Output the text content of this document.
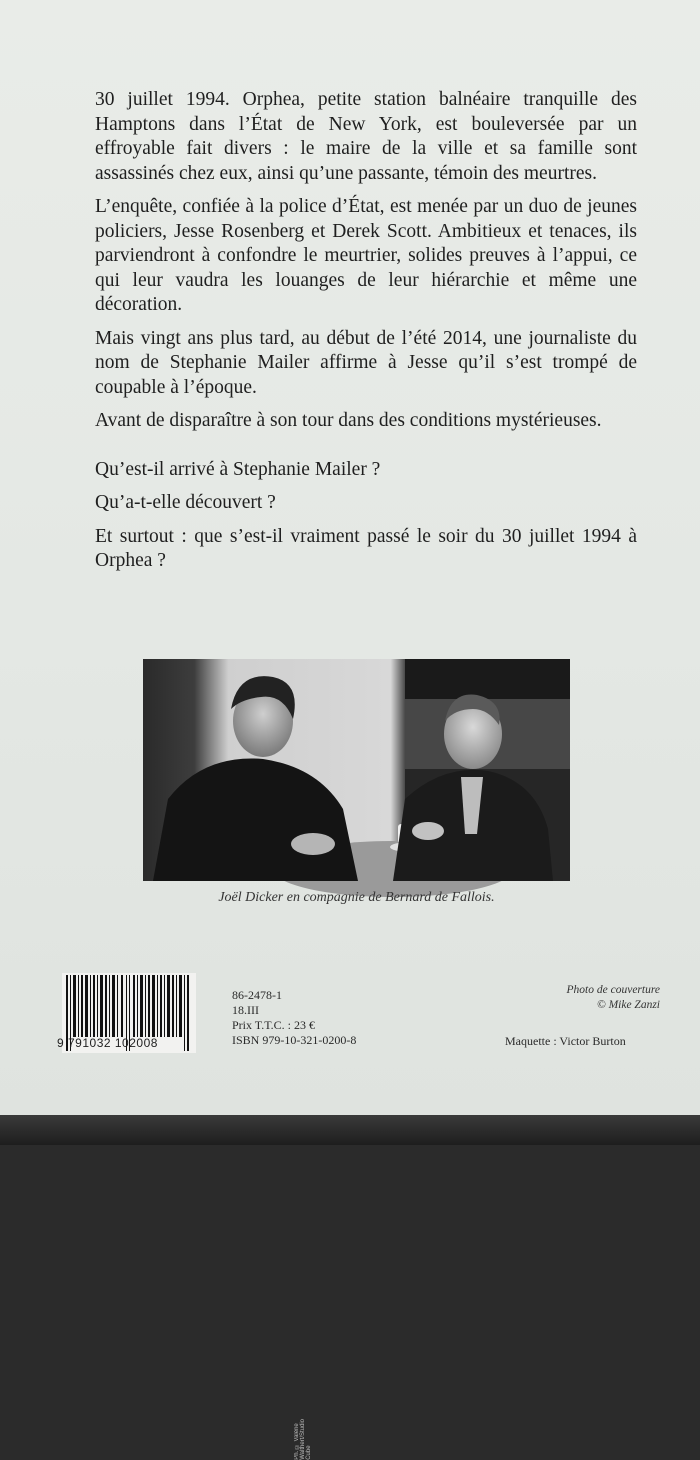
30 juillet 1994. Orphea, petite station balnéaire tranquille des Hamptons dans l’État de New York, est bouleversée par un effroyable fait divers : le maire de la ville et sa famille sont assassinés chez eux, ainsi qu’une passante, témoin des meurtres.

L’enquête, confiée à la police d’État, est menée par un duo de jeunes policiers, Jesse Rosenberg et Derek Scott. Ambitieux et tenaces, ils parviendront à confondre le meurtrier, solides preuves à l’appui, ce qui leur vaudra les louanges de leur hiérarchie et même une décoration.

Mais vingt ans plus tard, au début de l’été 2014, une journaliste du nom de Stephanie Mailer affirme à Jesse qu’il s’est trompé de coupable à l’époque.

Avant de disparaître à son tour dans des conditions mystérieuses.

Qu’est-il arrivé à Stephanie Mailer ?

Qu’a-t-elle découvert ?

Et surtout : que s’est-il vraiment passé le soir du 30 juillet 1994 à Orphea ?

Ph. © Valérie Walthert/Studio Cube
Joël Dicker en compagnie de Bernard de Fallois.
9 791032 102008
86-2478-1
18.III
Prix T.T.C. : 23 €
ISBN 979-10-321-0200-8
Photo de couverture
© Mike Zanzi
Maquette : Victor Burton
